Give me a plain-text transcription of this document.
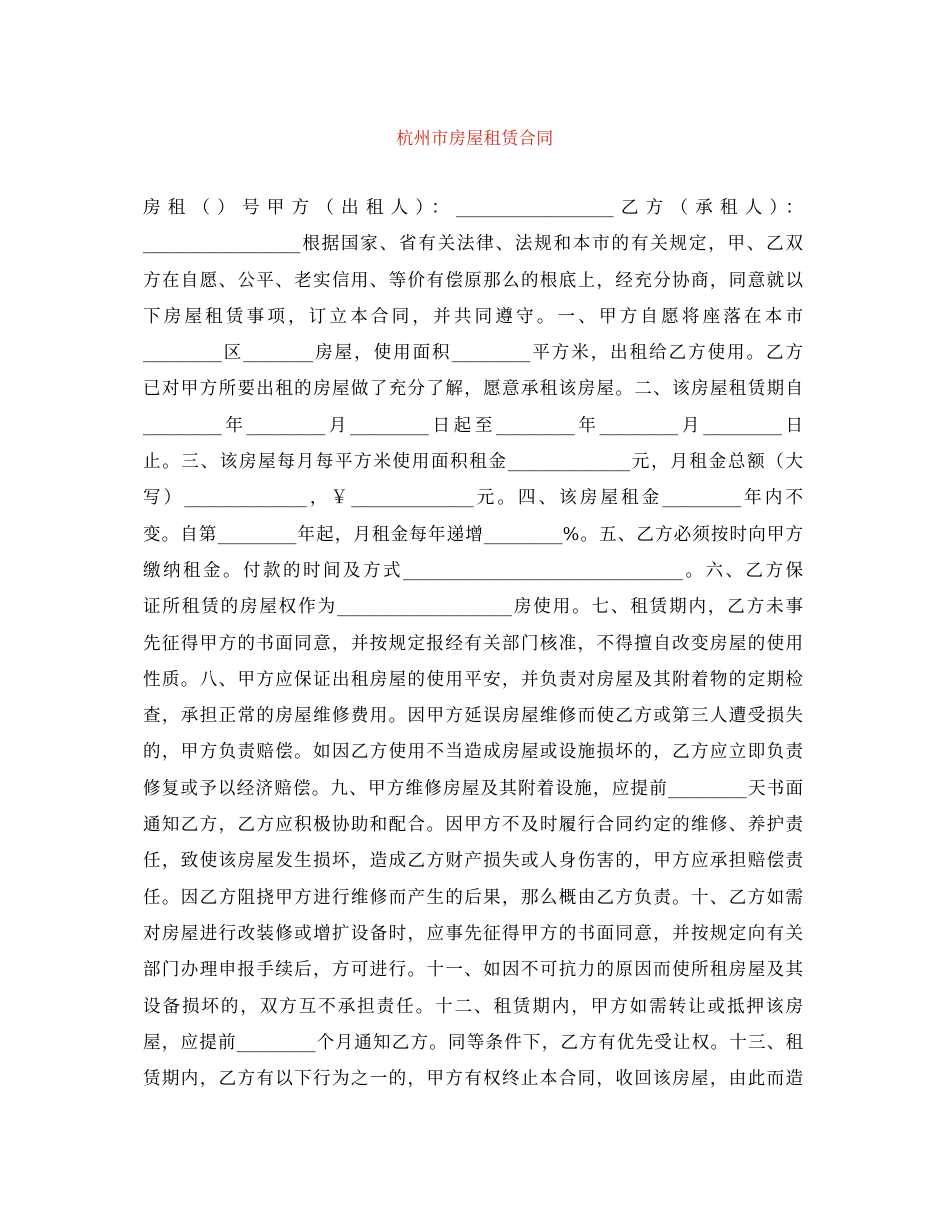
杭州市房屋租赁合同
房租（）号甲方（出租人）：__________________乙方（承租人）：
__________________根据国家、省有关法律、法规和本市的有关规定，甲、乙双
方在自愿、公平、老实信用、等价有偿原那么的根底上，经充分协商，同意就以
下房屋租赁事项，订立本合同，并共同遵守。一、甲方自愿将座落在本市
_________区________房屋，使用面积_________平方米，出租给乙方使用。乙方
已对甲方所要出租的房屋做了充分了解，愿意承租该房屋。二、该房屋租赁期自
_________年_________月_________日起至_________年_________月_________日
止。三、该房屋每月每平方米使用面积租金______________元，月租金总额（大
写）______________，￥______________元。四、该房屋租金_________年内不
变。自第_________年起，月租金每年递增_________%。五、乙方必须按时向甲方
缴纳租金。付款的时间及方式________________________________。六、乙方保
证所租赁的房屋权作为____________________房使用。七、租赁期内，乙方未事
先征得甲方的书面同意，并按规定报经有关部门核准，不得擅自改变房屋的使用
性质。八、甲方应保证出租房屋的使用平安，并负责对房屋及其附着物的定期检
查，承担正常的房屋维修费用。因甲方延误房屋维修而使乙方或第三人遭受损失
的，甲方负责赔偿。如因乙方使用不当造成房屋或设施损坏的，乙方应立即负责
修复或予以经济赔偿。九、甲方维修房屋及其附着设施，应提前_________天书面
通知乙方，乙方应积极协助和配合。因甲方不及时履行合同约定的维修、养护责
任，致使该房屋发生损坏，造成乙方财产损失或人身伤害的，甲方应承担赔偿责
任。因乙方阻挠甲方进行维修而产生的后果，那么概由乙方负责。十、乙方如需
对房屋进行改装修或增扩设备时，应事先征得甲方的书面同意，并按规定向有关
部门办理申报手续后，方可进行。十一、如因不可抗力的原因而使所租房屋及其
设备损坏的，双方互不承担责任。十二、租赁期内，甲方如需转让或抵押该房
屋，应提前_________个月通知乙方。同等条件下，乙方有优先受让权。十三、租
赁期内，乙方有以下行为之一的，甲方有权终止本合同，收回该房屋，由此而造
